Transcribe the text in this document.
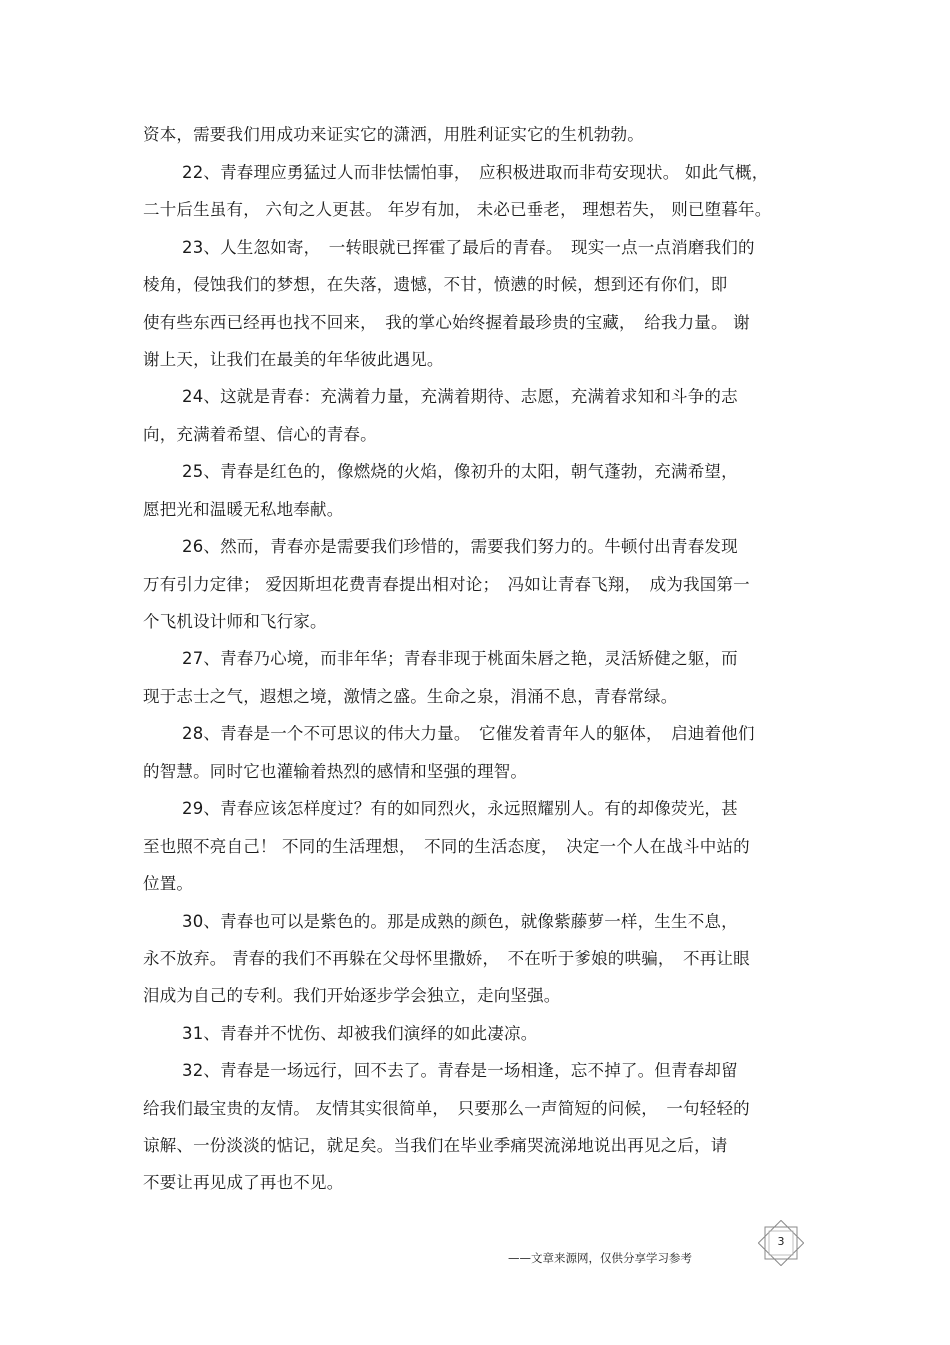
资本，需要我们用成功来证实它的潇洒，用胜利证实它的生机勃勃。
22、青春理应勇猛过人而非怯懦怕事，　应积极进取而非苟安现状。 如此气概，
二十后生虽有， 六旬之人更甚。 年岁有加， 未必已垂老， 理想若失， 则已堕暮年。
23、人生忽如寄，　一转眼就已挥霍了最后的青春。　现实一点一点消磨我们的
棱角，侵蚀我们的梦想，在失落，遗憾，不甘，愤懑的时候，想到还有你们，即
使有些东西已经再也找不回来，　我的掌心始终握着最珍贵的宝藏，　给我力量。 谢
谢上天，让我们在最美的年华彼此遇见。
24、这就是青春：充满着力量，充满着期待、志愿，充满着求知和斗争的志
向，充满着希望、信心的青春。
25、青春是红色的，像燃烧的火焰，像初升的太阳，朝气蓬勃，充满希望，
愿把光和温暖无私地奉献。
26、然而，青春亦是需要我们珍惜的，需要我们努力的。牛顿付出青春发现
万有引力定律； 爱因斯坦花费青春提出相对论；　冯如让青春飞翔，　成为我国第一
个飞机设计师和飞行家。
27、青春乃心境，而非年华；青春非现于桃面朱唇之艳，灵活矫健之躯，而
现于志士之气，遐想之境，激情之盛。生命之泉，涓涌不息，青春常绿。
28、青春是一个不可思议的伟大力量。　它催发着青年人的躯体，　启迪着他们
的智慧。同时它也灌输着热烈的感情和坚强的理智。
29、青春应该怎样度过？有的如同烈火，永远照耀别人。有的却像荧光，甚
至也照不亮自己！ 不同的生活理想，　不同的生活态度，　决定一个人在战斗中站的
位置。
30、青春也可以是紫色的。那是成熟的颜色，就像紫藤萝一样，生生不息，
永不放弃。 青春的我们不再躲在父母怀里撒娇，　不在听于爹娘的哄骗，　不再让眼
泪成为自己的专利。我们开始逐步学会独立，走向坚强。
31、青春并不忧伤、却被我们演绎的如此凄凉。
32、青春是一场远行，回不去了。青春是一场相逢，忘不掉了。但青春却留
给我们最宝贵的友情。 友情其实很简单，　只要那么一声简短的问候，　一句轻轻的
谅解、一份淡淡的惦记，就足矣。当我们在毕业季痛哭流涕地说出再见之后，请
不要让再见成了再也不见。
3
——文章来源网，仅供分享学习参考
